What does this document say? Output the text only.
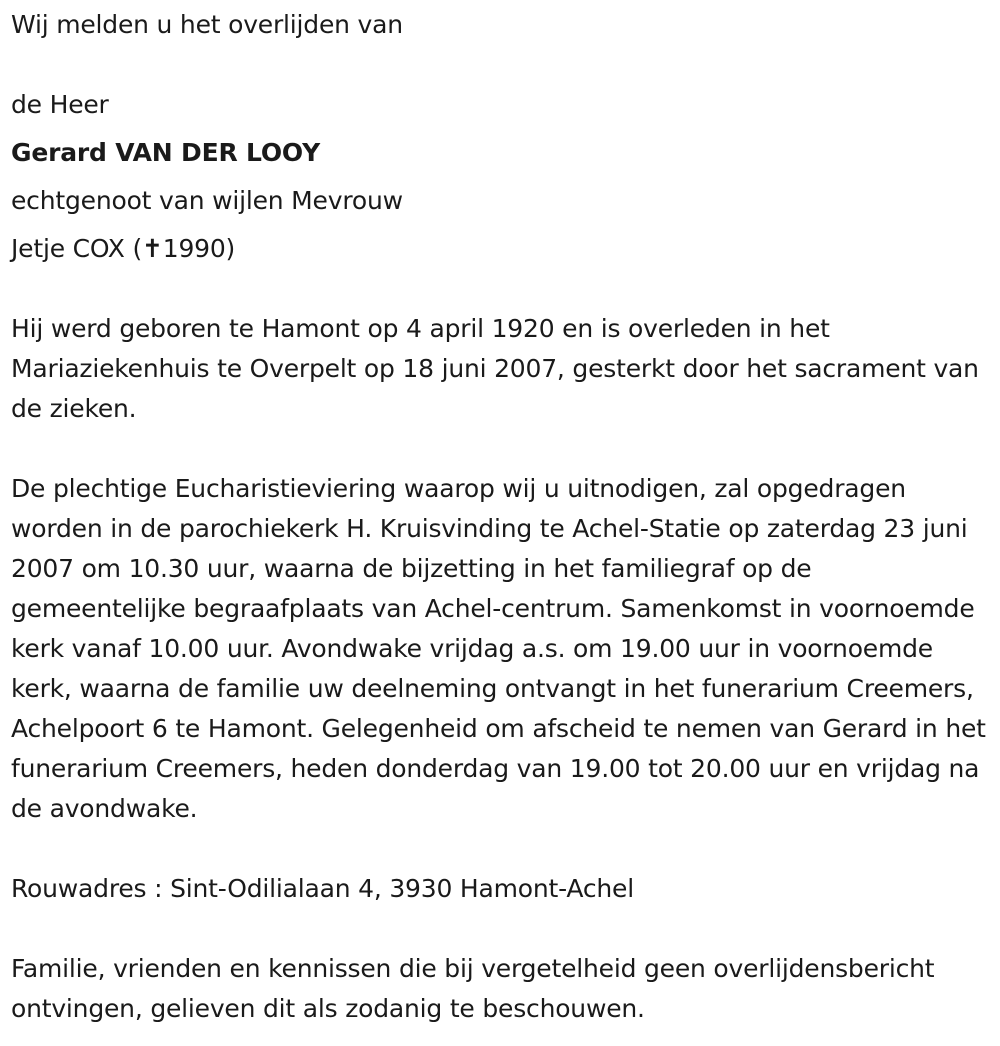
Wij melden u het overlijden van
de Heer
Gerard VAN DER LOOY
echtgenoot van wijlen Mevrouw
Jetje COX (✝1990)
Hij werd geboren te Hamont op 4 april 1920 en is overleden in het Mariaziekenhuis te Overpelt op 18 juni 2007, gesterkt door het sacrament van de zieken.
De plechtige Eucharistieviering waarop wij u uitnodigen, zal opgedragen worden in de parochiekerk H. Kruisvinding te Achel-Statie op zaterdag 23 juni 2007 om 10.30 uur, waarna de bijzetting in het familiegraf op de gemeentelijke begraafplaats van Achel-centrum. Samenkomst in voornoemde kerk vanaf 10.00 uur. Avondwake vrijdag a.s. om 19.00 uur in voornoemde kerk, waarna de familie uw deelneming ontvangt in het funerarium Creemers, Achelpoort 6 te Hamont. Gelegenheid om afscheid te nemen van Gerard in het funerarium Creemers, heden donderdag van 19.00 tot 20.00 uur en vrijdag na de avondwake.
Rouwadres : Sint-Odilialaan 4, 3930 Hamont-Achel
Familie, vrienden en kennissen die bij vergetelheid geen overlijdensbericht ontvingen, gelieven dit als zodanig te beschouwen.
